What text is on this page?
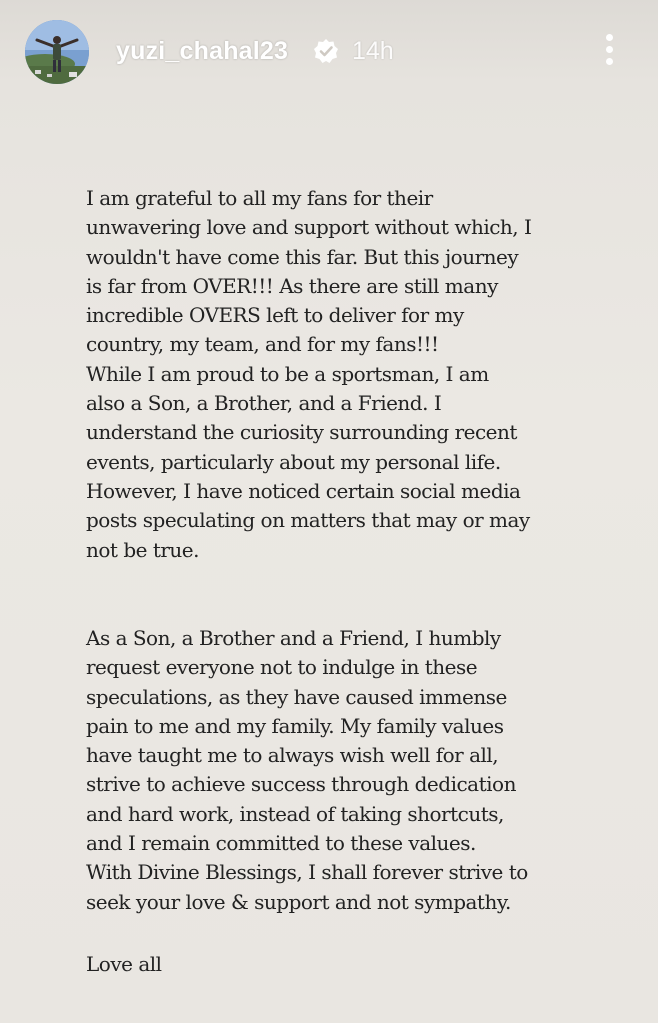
yuzi_chahal23	14h
I am grateful to all my fans for their
unwavering love and support without which, I
wouldn't have come this far. But this journey
is far from OVER!!! As there are still many
incredible OVERS left to deliver for my
country, my team, and for my fans!!!
While I am proud to be a sportsman, I am
also a Son, a Brother, and a Friend. I
understand the curiosity surrounding recent
events, particularly about my personal life.
However, I have noticed certain social media
posts speculating on matters that may or may
not be true.
As a Son, a Brother and a Friend, I humbly
request everyone not to indulge in these
speculations, as they have caused immense
pain to me and my family. My family values
have taught me to always wish well for all,
strive to achieve success through dedication
and hard work, instead of taking shortcuts,
and I remain committed to these values.
With Divine Blessings, I shall forever strive to
seek your love & support and not sympathy.
Love all
